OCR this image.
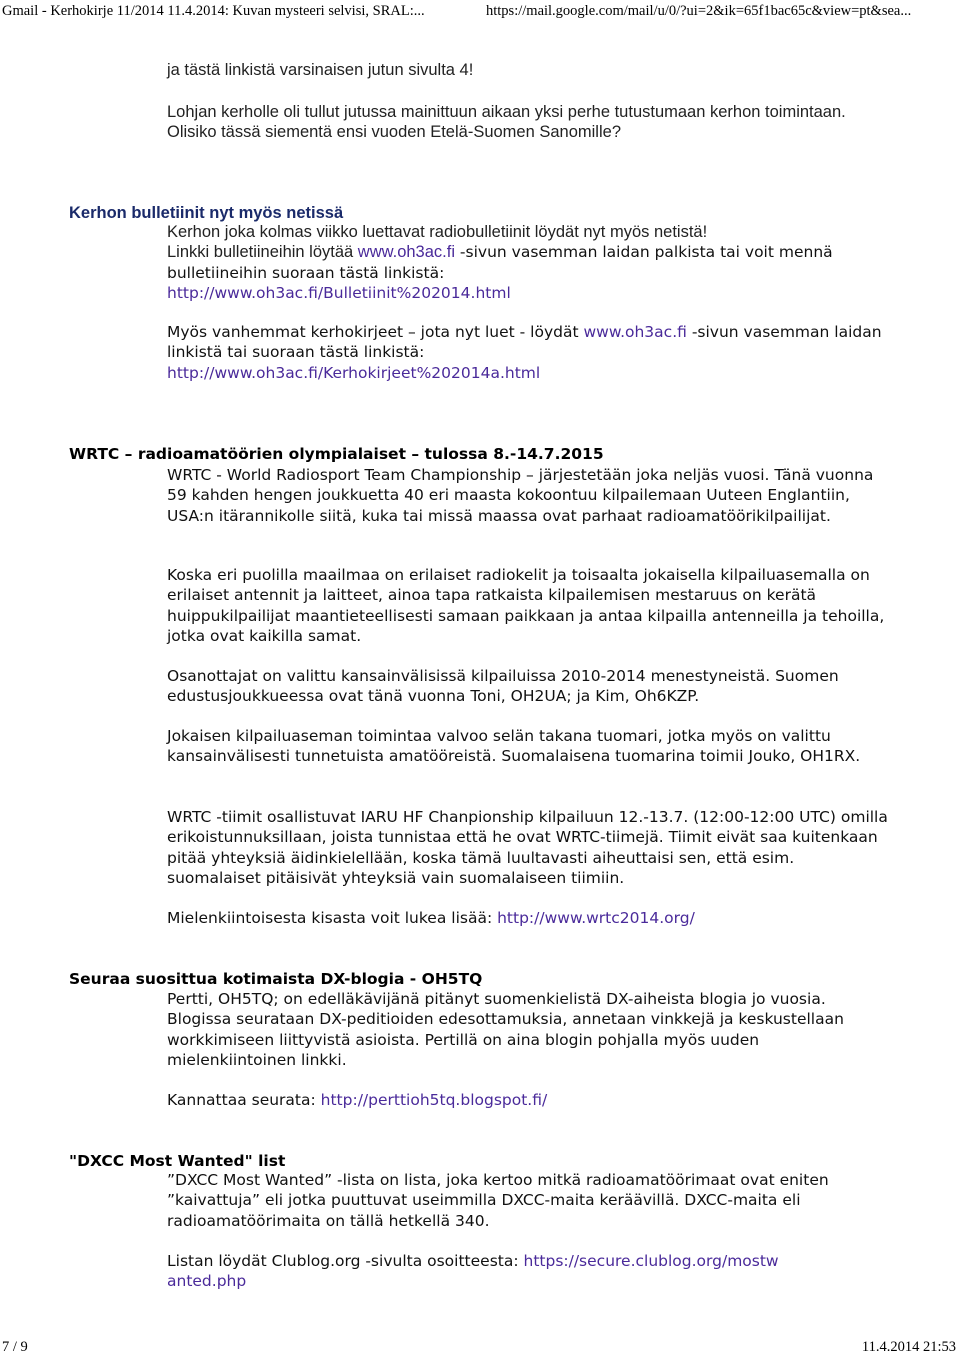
Gmail - Kerhokirje 11/2014 11.4.2014: Kuvan mysteeri selvisi, SRAL:...	https://mail.google.com/mail/u/0/?ui=2&ik=65f1bac65c&view=pt&sea...

ja tästä linkistä varsinaisen jutun sivulta 4!

Lohjan kerholle oli tullut jutussa mainittuun aikaan yksi perhe tutustumaan kerhon toimintaan. Olisiko tässä siementä ensi vuoden Etelä-Suomen Sanomille?

Kerhon bulletiinit nyt myös netissä

Kerhon joka kolmas viikko luettavat radiobulletiinit löydät nyt myös netistä!

Linkki bulletiineihin löytää www.oh3ac.fi -sivun vasemman laidan palkista tai voit mennä bulletiineihin suoraan tästä linkistä:

http://www.oh3ac.fi/Bulletiinit%202014.html

Myös vanhemmat kerhokirjeet – jota nyt luet - löydät www.oh3ac.fi -sivun vasemman laidan linkistä tai suoraan tästä linkistä:

http://www.oh3ac.fi/Kerhokirjeet%202014a.html

WRTC – radioamatöörien olympialaiset – tulossa 8.-14.7.2015
WRTC - World Radiosport Team Championship – järjestetään joka neljäs vuosi. Tänä vuonna 59 kahden hengen joukkuetta 40 eri maasta kokoontuu kilpailemaan Uuteen Englantiin, USA:n itärannikolle siitä, kuka tai missä maassa ovat parhaat radioamatöörikilpailijat.
Koska eri puolilla maailmaa on erilaiset radiokelit ja toisaalta jokaisella kilpailuasemalla on erilaiset antennit ja laitteet, ainoa tapa ratkaista kilpailemisen mestaruus on kerätä huippukilpailijat maantieteellisesti samaan paikkaan ja antaa kilpailla antenneilla ja tehoilla, jotka ovat kaikilla samat.
Osanottajat on valittu kansainvälisissä kilpailuissa 2010-2014 menestyneistä. Suomen edustusjoukkueessa ovat tänä vuonna Toni, OH2UA; ja Kim, Oh6KZP.
Jokaisen kilpailuaseman toimintaa valvoo selän takana tuomari, jotka myös on valittu kansainvälisesti tunnetuista amatööreistä. Suomalaisena tuomarina toimii Jouko, OH1RX.
WRTC -tiimit osallistuvat IARU HF Chanpionship kilpailuun 12.-13.7. (12:00-12:00 UTC) omilla erikoistunnuksillaan, joista tunnistaa että he ovat WRTC-tiimejä. Tiimit eivät saa kuitenkaan pitää yhteyksiä äidinkielellään, koska tämä luultavasti aiheuttaisi sen, että esim. suomalaiset pitäisivät yhteyksiä vain suomalaiseen tiimiin.
Mielenkiintoisesta kisasta voit lukea lisää: http://www.wrtc2014.org/
Seuraa suosittua kotimaista DX-blogia - OH5TQ
Pertti, OH5TQ; on edelläkävijänä pitänyt suomenkielistä DX-aiheista blogia jo vuosia. Blogissa seurataan DX-peditioiden edesottamuksia, annetaan vinkkejä ja keskustellaan workkimiseen liittyvistä asioista. Pertillä on aina blogin pohjalla myös uuden mielenkiintoinen linkki.
Kannattaa seurata: http://perttioh5tq.blogspot.fi/
"DXCC Most Wanted" list
”DXCC Most Wanted” -lista on lista, joka kertoo mitkä radioamatöörimaat ovat eniten ”kaivattuja” eli jotka puuttuvat useimmilla DXCC-maita keräävillä. DXCC-maita eli radioamatöörimaita on tällä hetkellä 340.
Listan löydät Clublog.org -sivulta osoitteesta: https://secure.clublog.org/mostwanted.php
7 / 9	11.4.2014 21:53
